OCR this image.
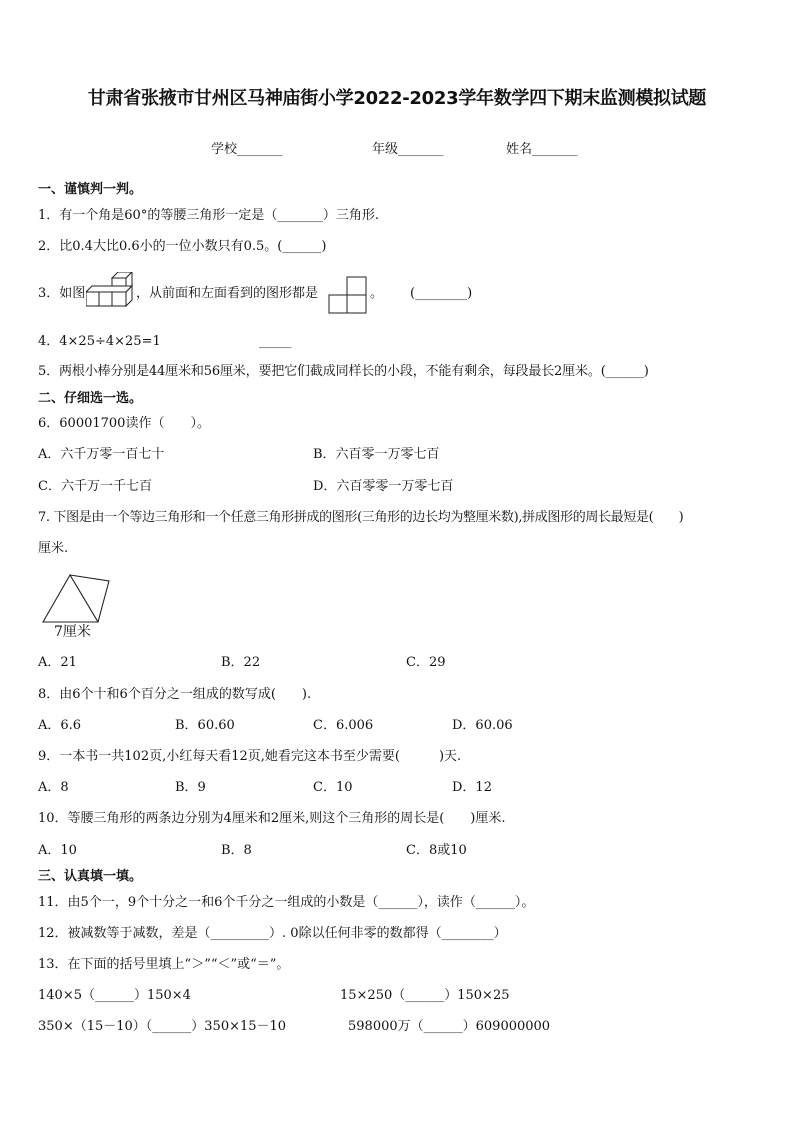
甘肃省张掖市甘州区马神庙街小学2022-2023学年数学四下期末监测模拟试题
学校_______	年级_______	姓名_______
一、谨慎判一判。
1．有一个角是60°的等腰三角形一定是（_______）三角形.
2．比0.4大比0.6小的一位小数只有0.5。(______)
3．如图	，从前面和左面看到的图形都是	。 (________)
4．4×25÷4×25=1	_____
5．两根小棒分别是44厘米和56厘米，要把它们截成同样长的小段，不能有剩余，每段最长2厘米。(______)
二、仔细选一选。
6．60001700读作（　　）。
A．六千万零一百七十	B．六百零一万零七百
C．六千万一千七百	D．六百零零一万零七百
7. 下图是由一个等边三角形和一个任意三角形拼成的图形(三角形的边长均为整厘米数),拼成图形的周长最短是(　　)
厘米.
7厘米
A．21	B．22	C．29
8．由6个十和6个百分之一组成的数写成(　　).
A．6.6	B．60.60	C．6.006	D．60.06
9．一本书一共102页,小红每天看12页,她看完这本书至少需要(　　　)天.
A．8	B．9	C．10	D．12
10．等腰三角形的两条边分别为4厘米和2厘米,则这个三角形的周长是(　　)厘米.
A．10	B．8	C．8或10
三、认真填一填。
11．由5个一，9个十分之一和6个千分之一组成的小数是（______），读作（______）。
12．被减数等于减数，差是（_________）. 0除以任何非零的数都得（________）
13．在下面的括号里填上“＞”“＜”或“＝”。
140×5（______）150×4	15×250（______）150×25
350×（15－10）（______）350×15－10	598000万（______）609000000
